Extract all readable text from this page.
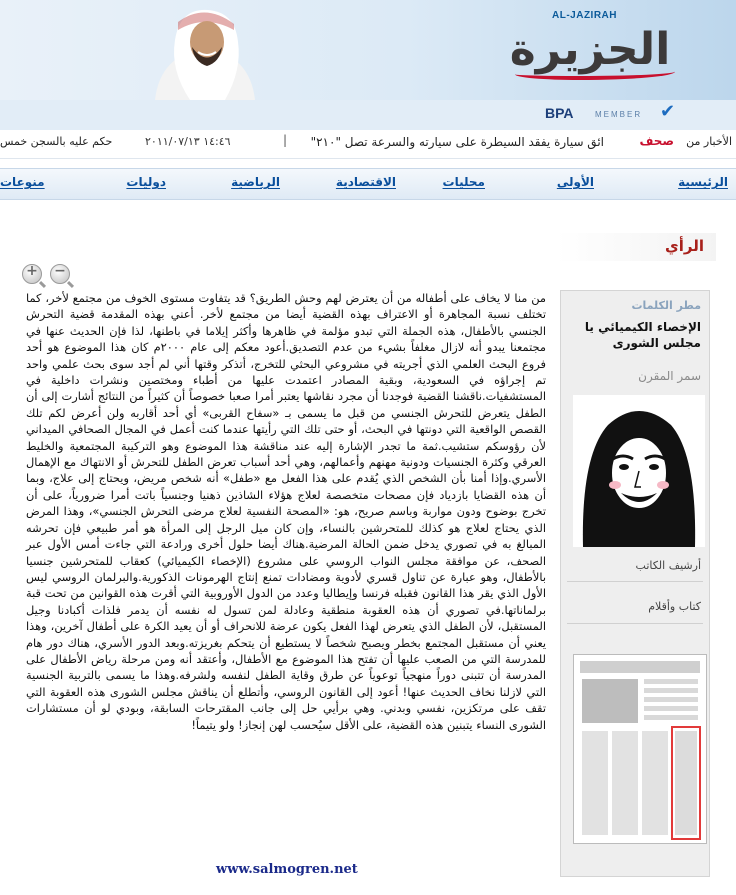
AL-JAZIRAH
الجزيرة
BPA	MEMBER ✔
الأخبار من
صحف
ائق سيارة يفقد السيطرة على سيارته والسرعة تصل "٢١٠"
|
١٤:٤٦ ٢٠١١/٠٧/١٣
حكم عليه بالسجن خمس
الرئيسية
الأولى
محليات
الاقتصادية
الرياضية
دوليات
منوعات
الرأي
+ −
من منا لا يخاف على أطفاله من أن يعترض لهم وحش الطريق؟ قد يتفاوت مستوى الخوف من مجتمع لأخر، كما تختلف نسبة المجاهرة أو الاعتراف بهذه القضية أيضا من مجتمع لأخر. أعني بهذه المقدمة قضية التحرش الجنسي بالأطفال، هذه الجملة التي تبدو مؤلمة في ظاهرها وأكثر إيلاما في باطنها، لذا فإن الحديث عنها في مجتمعنا يبدو أنه لازال مغلفاً بشيء من عدم التصديق.أعود معكم إلى عام ٢٠٠٠م كان هذا الموضوع هو أحد فروع البحث العلمي الذي أجريته في مشروعي البحثي للتخرج، أتذكر وقتها أني لم أجد سوى بحث علمي واحد تم إجراؤه في السعودية، وبقية المصادر اعتمدت عليها من أطباء ومختصين ونشرات داخلية في المستشفيات.ناقشنا القضية فوجدنا أن مجرد نقاشها يعتبر أمرا صعبا خصوصاً أن كثيراً من النتائج أشارت إلى أن الطفل يتعرض للتحرش الجنسي من قبل ما يسمى بـ «سفاح القربى» أي أحد أقاربه ولن أعرض لكم تلك القصص الواقعية التي دونتها في البحث، أو حتى تلك التي رأيتها عندما كنت أعمل في المجال الصحافي الميداني لأن رؤوسكم ستشيب.ثمة ما تجدر الإشارة إليه عند مناقشة هذا الموضوع وهو التركيبة المجتمعية والخليط العرقي وكثرة الجنسيات ودونية مهنهم وأعمالهم، وهي أحد أسباب تعرض الطفل للتحرش أو الانتهاك مع الإهمال الأسري.وإذا أمنا بأن الشخص الذي يُقدم على هذا الفعل مع «طفل» أنه شخص مريض، ويحتاج إلى علاج، وبما أن هذه القضايا بازدياد فإن مصحات متخصصة لعلاج هؤلاء الشاذين ذهنيا وجنسياً باتت أمرا ضرورياً، على أن تخرج بوضوح ودون مواربة وباسم صريح، هو: «المصحة النفسية لعلاج مرضى التحرش الجنسي»، وهذا المرض الذي يحتاج لعلاج هو كذلك للمتحرشين بالنساء، وإن كان ميل الرجل إلى المرأة هو أمر طبيعي فإن تحرشه المبالغ به في تصوري يدخل ضمن الحالة المرضية.هناك أيضا حلول أخرى ورادعة التي جاءت أمس الأول عبر الصحف، عن موافقة مجلس النواب الروسي على مشروع (الإخصاء الكيميائي) كعقاب للمتحرشين جنسيا بالأطفال، وهو عبارة عن تناول قسري لأدوية ومضادات تمنع إنتاج الهرمونات الذكورية.والبرلمان الروسي ليس الأول الذي يقر هذا القانون فقبله فرنسا وإيطاليا وعدد من الدول الأوروبية التي أقرت هذه القوانين من تحت قبة برلماناتها.في تصوري أن هذه العقوبة منطقية وعادلة لمن تسول له نفسه أن يدمر فلذات أكبادنا وجيل المستقبل، لأن الطفل الذي يتعرض لهذا الفعل يكون عرضة للانحراف أو أن يعيد الكرة على أطفال آخرين، وهذا يعني أن مستقبل المجتمع بخطر ويصبح شخصاً لا يستطيع أن يتحكم بغريزته.وبعد الدور الأسري، هناك دور هام للمدرسة التي من الصعب عليها أن تفتح هذا الموضوع مع الأطفال، وأعتقد أنه ومن مرحلة رياض الأطفال على المدرسة أن تتبنى دوراً منهجياً توعوياً عن طرق وقاية الطفل لنفسه ولشرفه.وهذا ما يسمى بالتربية الجنسية التي لازلنا نخاف الحديث عنها! أعود إلى القانون الروسي، وأتطلع أن يناقش مجلس الشورى هذه العقوبة التي تقف على مرتكزين، نفسي وبدني. وهي برأيي حل إلى جانب المقترحات السابقة، وبودي لو أن مستشارات الشورى النساء يتبنين هذه القضية، على الأقل سيُحسب لهن إنجاز! ولو يتيماً!
مطر الكلمات
الإخصاء الكيميائي يا مجلس الشورى
سمر المقرن
أرشيف الكاتب
كتاب وأقلام
www.salmogren.net
